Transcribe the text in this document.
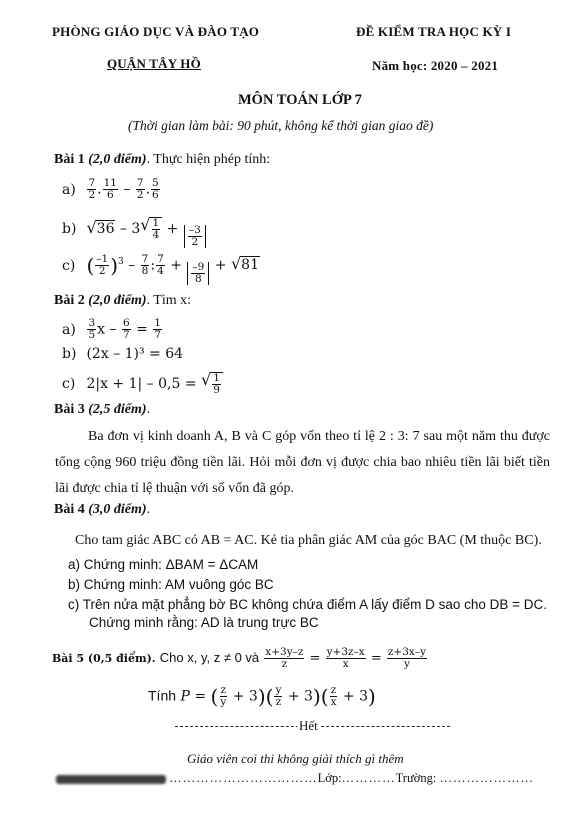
PHÒNG GIÁO DỤC VÀ ĐÀO TẠO	ĐỀ KIỂM TRA HỌC KỲ I
QUẬN TÂY HỒ	Năm học: 2020 – 2021
MÔN TOÁN LỚP 7
(Thời gian làm bài: 90 phút, không kể thời gian giao đề)
Bài 1 (2,0 điểm). Thực hiện phép tính:
$a) \frac{7}{2}$ . $\frac{11}{6} - \frac{7}{2}$ . $\frac{5}{6}$
b) √ 36 – 3 √ $\frac{1}{4} + \frac{-3}{2}$
c) ( $\frac{-1}{2} )^3 - \frac{7}{8}$ : $\frac{7}{4} + \frac{-9}{8}$ + √ 81
Bài 2 (2,0 điểm). Tìm x:
$a) \frac{3}{5}$ $x - \frac{6}{7} = \frac{1}{7}$
b) (2x – 1)³ = 64
c) 2|x + 1| – 0,5 = √ $\frac{1}{9}$
Bài 3 (2,5 điểm).
Ba đơn vị kinh doanh A, B và C góp vốn theo tỉ lệ 2 : 3: 7 sau một năm thu được tổng cộng 960 triệu đồng tiền lãi. Hỏi mỗi đơn vị được chia bao nhiêu tiền lãi biết tiền lãi được chia tỉ lệ thuận với số vốn đã góp.
Bài 4 (3,0 điểm).
Cho tam giác ABC có AB = AC. Kẻ tia phân giác AM của góc BAC (M thuộc BC).
a) Chứng minh: ΔBAM = ΔCAM
b) Chứng minh: AM vuông góc BC
c) Trên nửa mặt phẳng bờ BC không chứa điểm A lấy điểm D sao cho DB = DC.
Chứng minh rằng: AD là trung trực BC
Bài 5 (0,5 điểm). Cho x, y, z ≠ 0 và $\frac{x+3y-z}{z} = \frac{y+3z-x}{x} = \frac{z+3x-y}{y}$
Tính P = ( $\frac{z}{y} + 3)( \frac{y}{z} + 3)( \frac{z}{x} + 3)$
Hết
Giáo viên coi thi không giải thích gì thêm
……………………………Lớp:…………Trường: …………………
